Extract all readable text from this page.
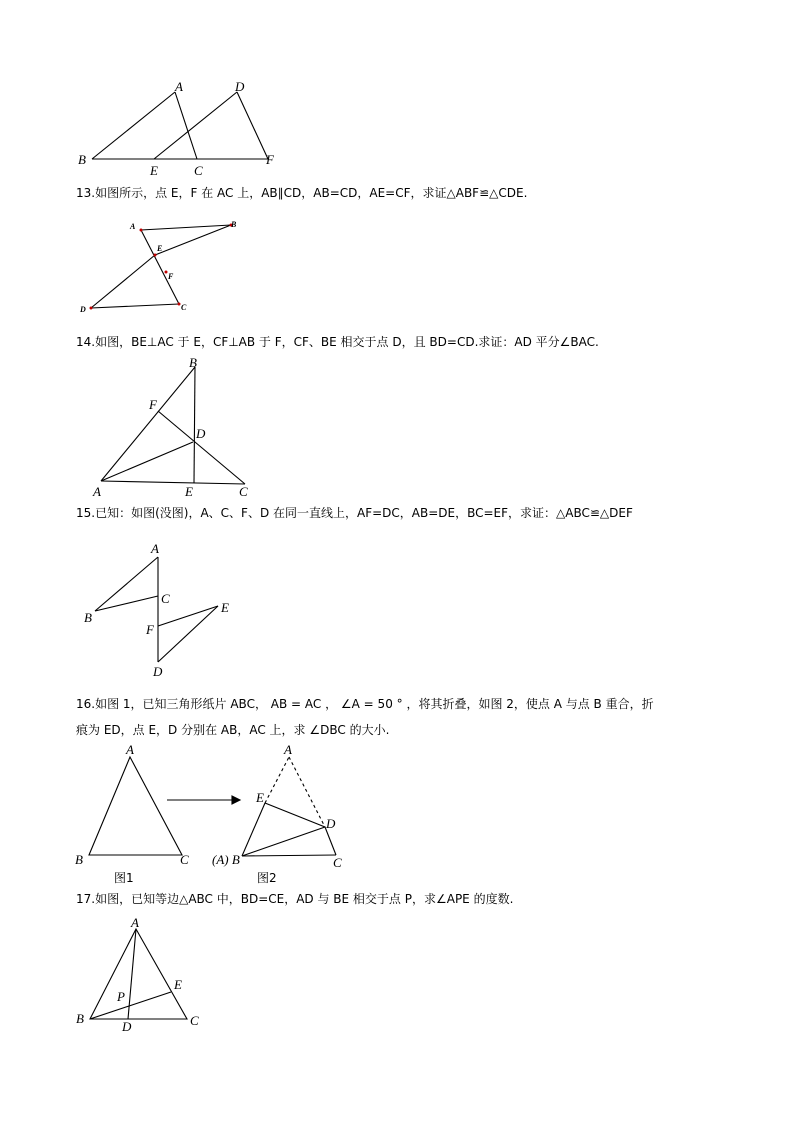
A	D
B
E	C
F

13.如图所示，点 E，F 在 AC 上，AB∥CD，AB=CD，AE=CF，求证△ABF≌△CDE.

A	B
E
F
D	C

14.如图，BE⊥AC 于 E，CF⊥AB 于 F，CF、BE 相交于点 D，且 BD=CD.求证：AD 平分∠BAC.

B
F
D
A	E	C

15.已知：如图(没图)，A、C、F、D 在同一直线上，AF=DC，AB=DE，BC=EF，求证：△ABC≌△DEF

A
B
C
F
E
D

16.如图 1，已知三角形纸片 ABC， AB = AC ， ∠A = 50 ° ，将其折叠，如图 2，使点 A 与点 B 重合，折

痕为 ED，点 E，D 分别在 AB，AC 上，求 ∠DBC 的大小.

A
B	C
图1
A
E
D
(A) B	C
图2

17.如图，已知等边△ABC 中，BD=CE，AD 与 BE 相交于点 P，求∠APE 的度数.

A
B	C
D
E
P
